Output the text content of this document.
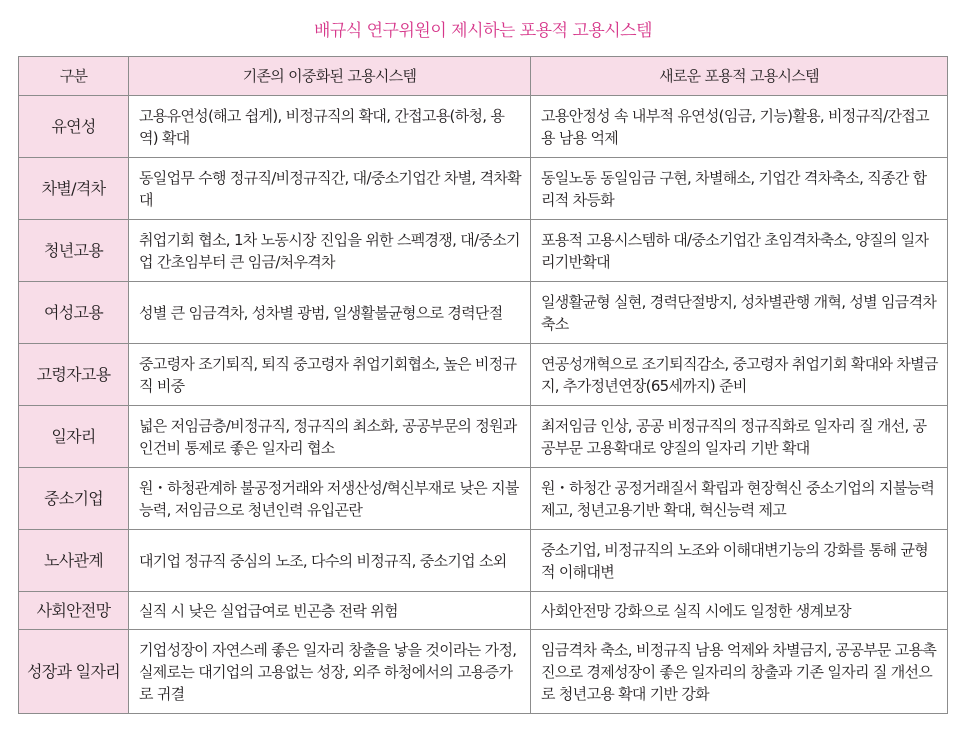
배규식 연구위원이 제시하는 포용적 고용시스템
구분	기존의 이중화된 고용시스템	새로운 포용적 고용시스템
유연성	고용유연성(해고 쉽게), 비정규직의 확대, 간접고용(하청, 용역) 확대	고용안정성 속 내부적 유연성(임금, 기능)활용, 비정규직/간접고용 남용 억제
차별/격차	동일업무 수행 정규직/비정규직간, 대/중소기업간 차별, 격차확대	동일노동 동일임금 구현, 차별해소, 기업간 격차축소, 직종간 합리적 차등화
청년고용	취업기회 협소, 1차 노동시장 진입을 위한 스펙경쟁, 대/중소기업 간초임부터 큰 임금/처우격차	포용적 고용시스템하 대/중소기업간 초임격차축소, 양질의 일자리기반확대
여성고용	성별 큰 임금격차, 성차별 광범, 일생활불균형으로 경력단절	일생활균형 실현, 경력단절방지, 성차별관행 개혁, 성별 임금격차 축소
고령자고용	중고령자 조기퇴직, 퇴직 중고령자 취업기회협소, 높은 비정규직 비중	연공성개혁으로 조기퇴직감소, 중고령자 취업기회 확대와 차별금지, 추가정년연장(65세까지) 준비
일자리	넓은 저임금층/비정규직, 정규직의 최소화, 공공부문의 정원과 인건비 통제로 좋은 일자리 협소	최저임금 인상, 공공 비정규직의 정규직화로 일자리 질 개선, 공공부문 고용확대로 양질의 일자리 기반 확대
중소기업	원・하청관계하 불공정거래와 저생산성/혁신부재로 낮은 지불능력, 저임금으로 청년인력 유입곤란	원・하청간 공정거래질서 확립과 현장혁신 중소기업의 지불능력 제고, 청년고용기반 확대, 혁신능력 제고
노사관계	대기업 정규직 중심의 노조, 다수의 비정규직, 중소기업 소외	중소기업, 비정규직의 노조와 이해대변기능의 강화를 통해 균형적 이해대변
사회안전망	실직 시 낮은 실업급여로 빈곤층 전락 위험	사회안전망 강화으로 실직 시에도 일정한 생계보장
성장과 일자리	기업성장이 자연스레 좋은 일자리 창출을 낳을 것이라는 가정, 실제로는 대기업의 고용없는 성장, 외주 하청에서의 고용증가로 귀결	임금격차 축소, 비정규직 남용 억제와 차별금지, 공공부문 고용촉진으로 경제성장이 좋은 일자리의 창출과 기존 일자리 질 개선으로 청년고용 확대 기반 강화
